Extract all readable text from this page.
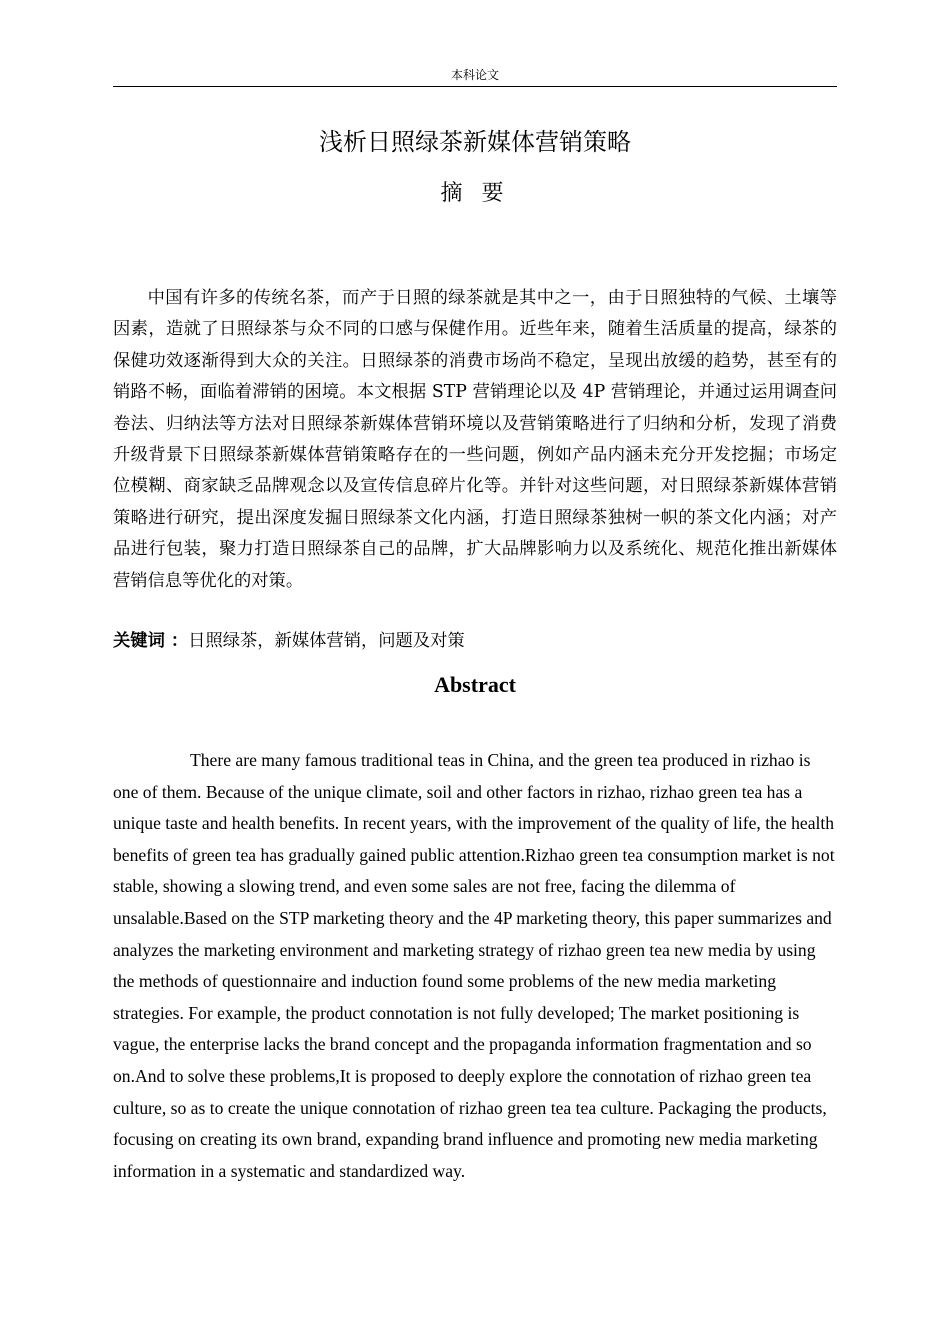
本科论文
浅析日照绿茶新媒体营销策略
摘 要

中国有许多的传统名茶，而产于日照的绿茶就是其中之一，由于日照独特的气候、土壤等因素，造就了日照绿茶与众不同的口感与保健作用。近些年来，随着生活质量的提高，绿茶的保健功效逐渐得到大众的关注。日照绿茶的消费市场尚不稳定，呈现出放缓的趋势，甚至有的销路不畅，面临着滞销的困境。本文根据 STP 营销理论以及 4P 营销理论，并通过运用调查问卷法、归纳法等方法对日照绿茶新媒体营销环境以及营销策略进行了归纳和分析，发现了消费升级背景下日照绿茶新媒体营销策略存在的一些问题，例如产品内涵未充分开发挖掘；市场定位模糊、商家缺乏品牌观念以及宣传信息碎片化等。并针对这些问题，对日照绿茶新媒体营销策略进行研究，提出深度发掘日照绿茶文化内涵，打造日照绿茶独树一帜的茶文化内涵；对产品进行包装，聚力打造日照绿茶自己的品牌，扩大品牌影响力以及系统化、规范化推出新媒体营销信息等优化的对策。

关键词 ：日照绿茶，新媒体营销，问题及对策
Abstract

There are many famous traditional teas in China, and the green tea produced in rizhao is one of them. Because of the unique climate, soil and other factors in rizhao, rizhao green tea has a unique taste and health benefits. In recent years, with the improvement of the quality of life, the health benefits of green tea has gradually gained public attention.Rizhao green tea consumption market is not stable, showing a slowing trend, and even some sales are not free, facing the dilemma of unsalable.Based on the STP marketing theory and the 4P marketing theory, this paper summarizes and analyzes the marketing environment and marketing strategy of rizhao green tea new media by using the methods of questionnaire and induction found some problems of the new media marketing strategies. For example, the product connotation is not fully developed; The market positioning is vague, the enterprise lacks the brand concept and the propaganda information fragmentation and so on.And to solve these problems,It is proposed to deeply explore the connotation of rizhao green tea culture, so as to create the unique connotation of rizhao green tea tea culture. Packaging the products, focusing on creating its own brand, expanding brand influence and promoting new media marketing information in a systematic and standardized way.
